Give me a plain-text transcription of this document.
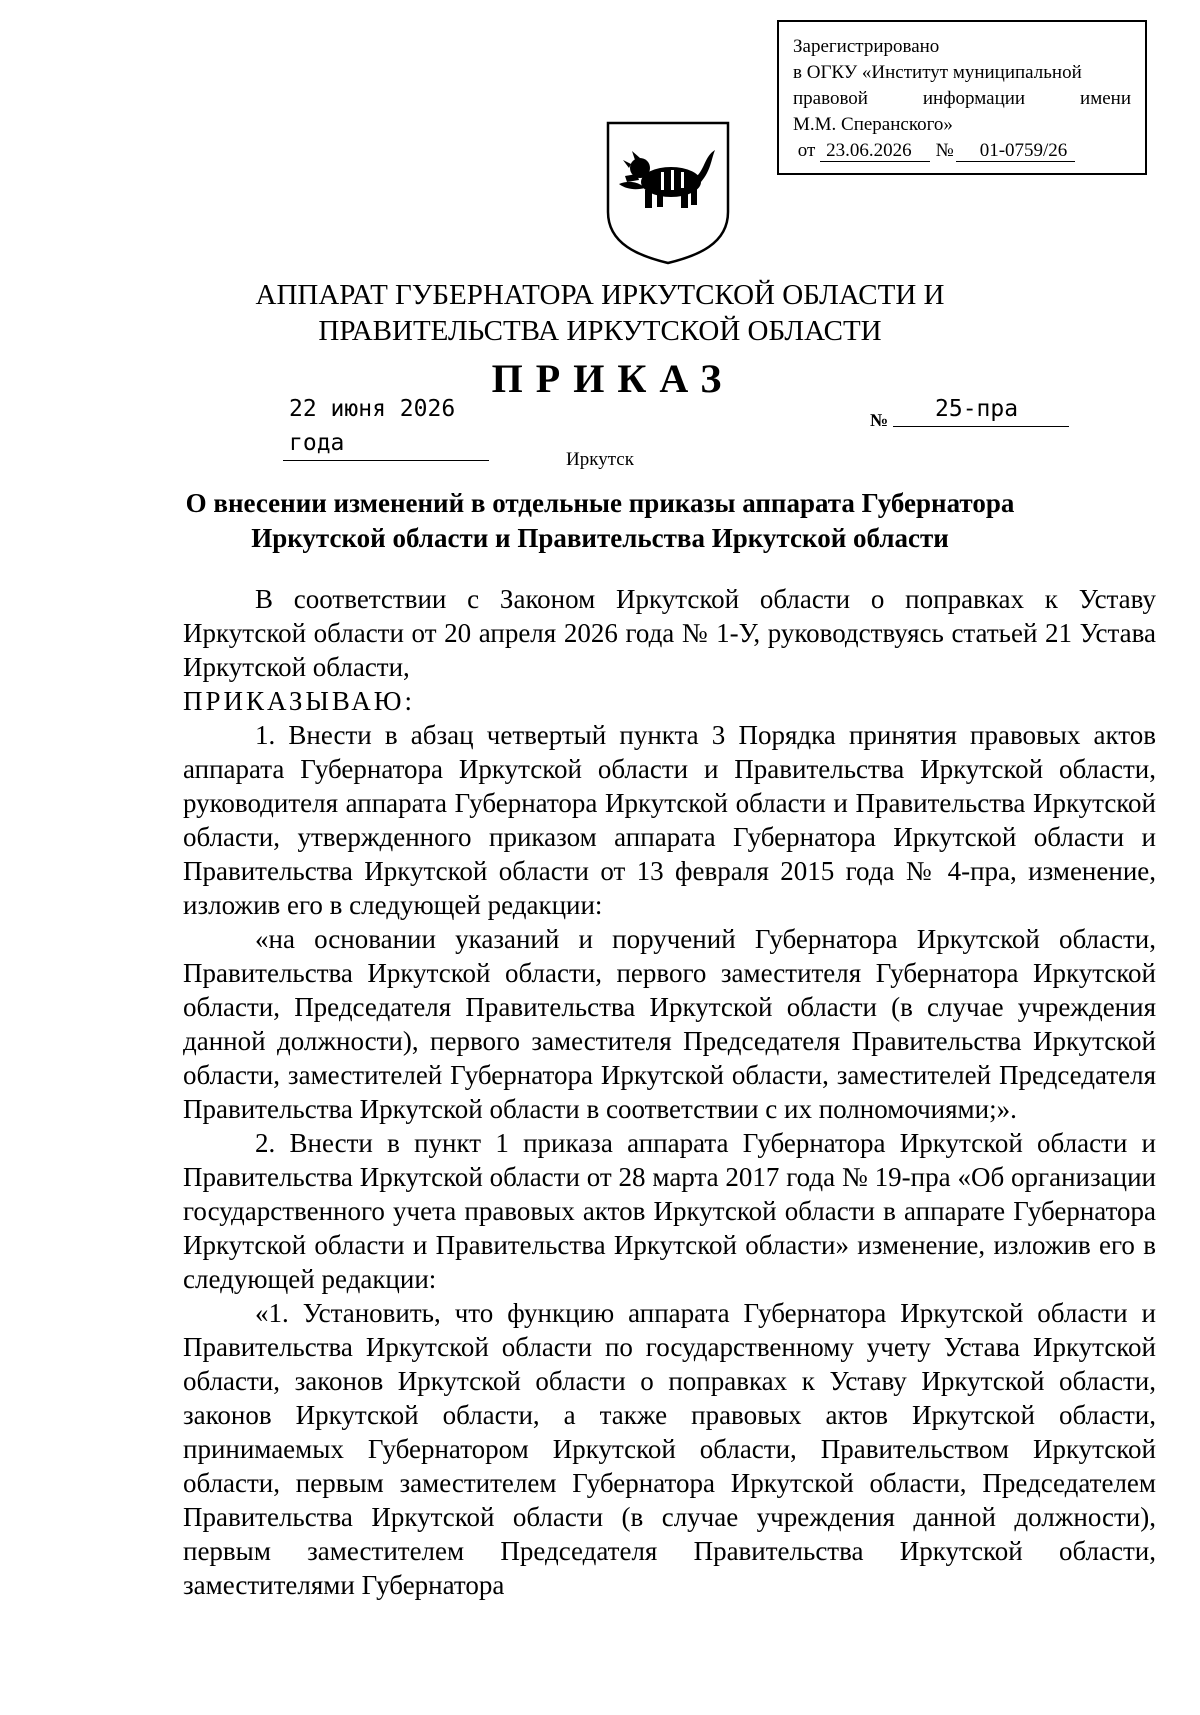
Зарегистрировано
в ОГКУ «Институт муниципальной
правовой	информации	имени
М.М. Сперанского»
от 23.06.2026 № 01-0759/26
АППАРАТ ГУБЕРНАТОРА ИРКУТСКОЙ ОБЛАСТИ И
ПРАВИТЕЛЬСТВА ИРКУТСКОЙ ОБЛАСТИ
ПРИКАЗ
22 июня 2026 года
№	25-пра
Иркутск
О внесении изменений в отдельные приказы аппарата Губернатора
Иркутской области и Правительства Иркутской области

В соответствии с Законом Иркутской области о поправках к Уставу Иркутской области от 20 апреля 2026 года № 1-У, руководствуясь статьей 21 Устава Иркутской области,

ПРИКАЗЫВАЮ:

1. Внести в абзац четвертый пункта 3 Порядка принятия правовых актов аппарата Губернатора Иркутской области и Правительства Иркутской области, руководителя аппарата Губернатора Иркутской области и Правительства Иркутской области, утвержденного приказом аппарата Губернатора Иркутской области и Правительства Иркутской области от 13 февраля 2015 года № 4-пра, изменение, изложив его в следующей редакции:

«на основании указаний и поручений Губернатора Иркутской области, Правительства Иркутской области, первого заместителя Губернатора Иркутской области, Председателя Правительства Иркутской области (в случае учреждения данной должности), первого заместителя Председателя Правительства Иркутской области, заместителей Губернатора Иркутской области, заместителей Председателя Правительства Иркутской области в соответствии с их полномочиями;».

2. Внести в пункт 1 приказа аппарата Губернатора Иркутской области и Правительства Иркутской области от 28 марта 2017 года № 19-пра «Об организации государственного учета правовых актов Иркутской области в аппарате Губернатора Иркутской области и Правительства Иркутской области» изменение, изложив его в следующей редакции:

«1. Установить, что функцию аппарата Губернатора Иркутской области и Правительства Иркутской области по государственному учету Устава Иркутской области, законов Иркутской области о поправках к Уставу Иркутской области, законов Иркутской области, а также правовых актов Иркутской области, принимаемых Губернатором Иркутской области, Правительством Иркутской области, первым заместителем Губернатора Иркутской области, Председателем Правительства Иркутской области (в случае учреждения данной должности), первым заместителем Председателя Правительства Иркутской области, заместителями Губернатора
